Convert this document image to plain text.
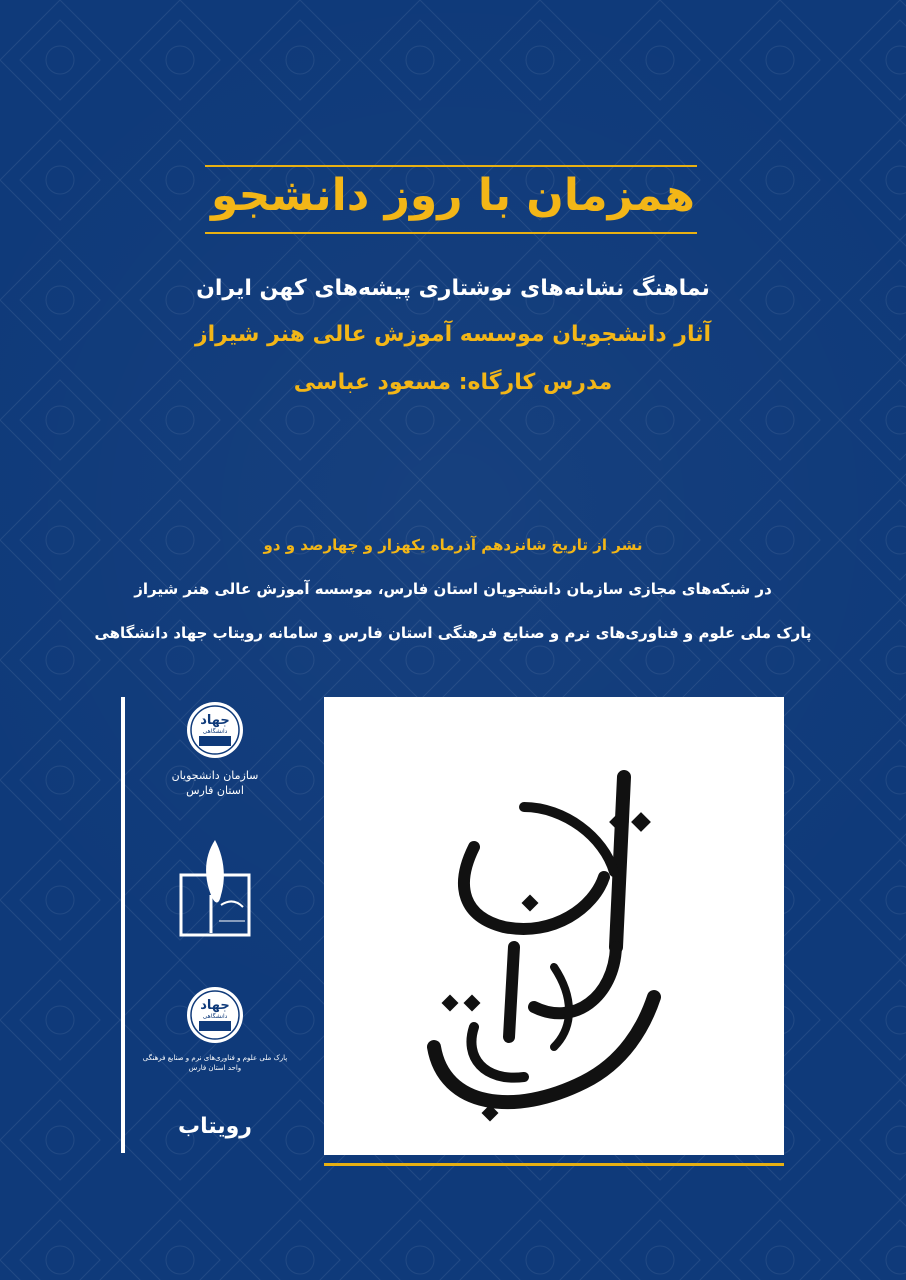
همزمان با روز دانشجو
نماهنگ نشانه‌های نوشتاری پیشه‌های کهن ایران
آثار دانشجویان موسسه آموزش عالی هنر شیراز
مدرس کارگاه: مسعود عباسی
نشر از تاریخ شانزدهم آذرماه یکهزار و چهارصد و دو
در شبکه‌های مجازی سازمان دانشجویان استان فارس، موسسه آموزش عالی هنر شیراز
پارک ملی علوم و فناوری‌های نرم و صنایع فرهنگی استان فارس و سامانه رویتاب جهاد دانشگاهی
جهاد
دانشگاهی
سازمان دانشجویان
استان فارس
جهاد
دانشگاهی
پارک ملی علوم و فناوری‌های نرم و صنایع فرهنگی واحد استان فارس
رویتاب
